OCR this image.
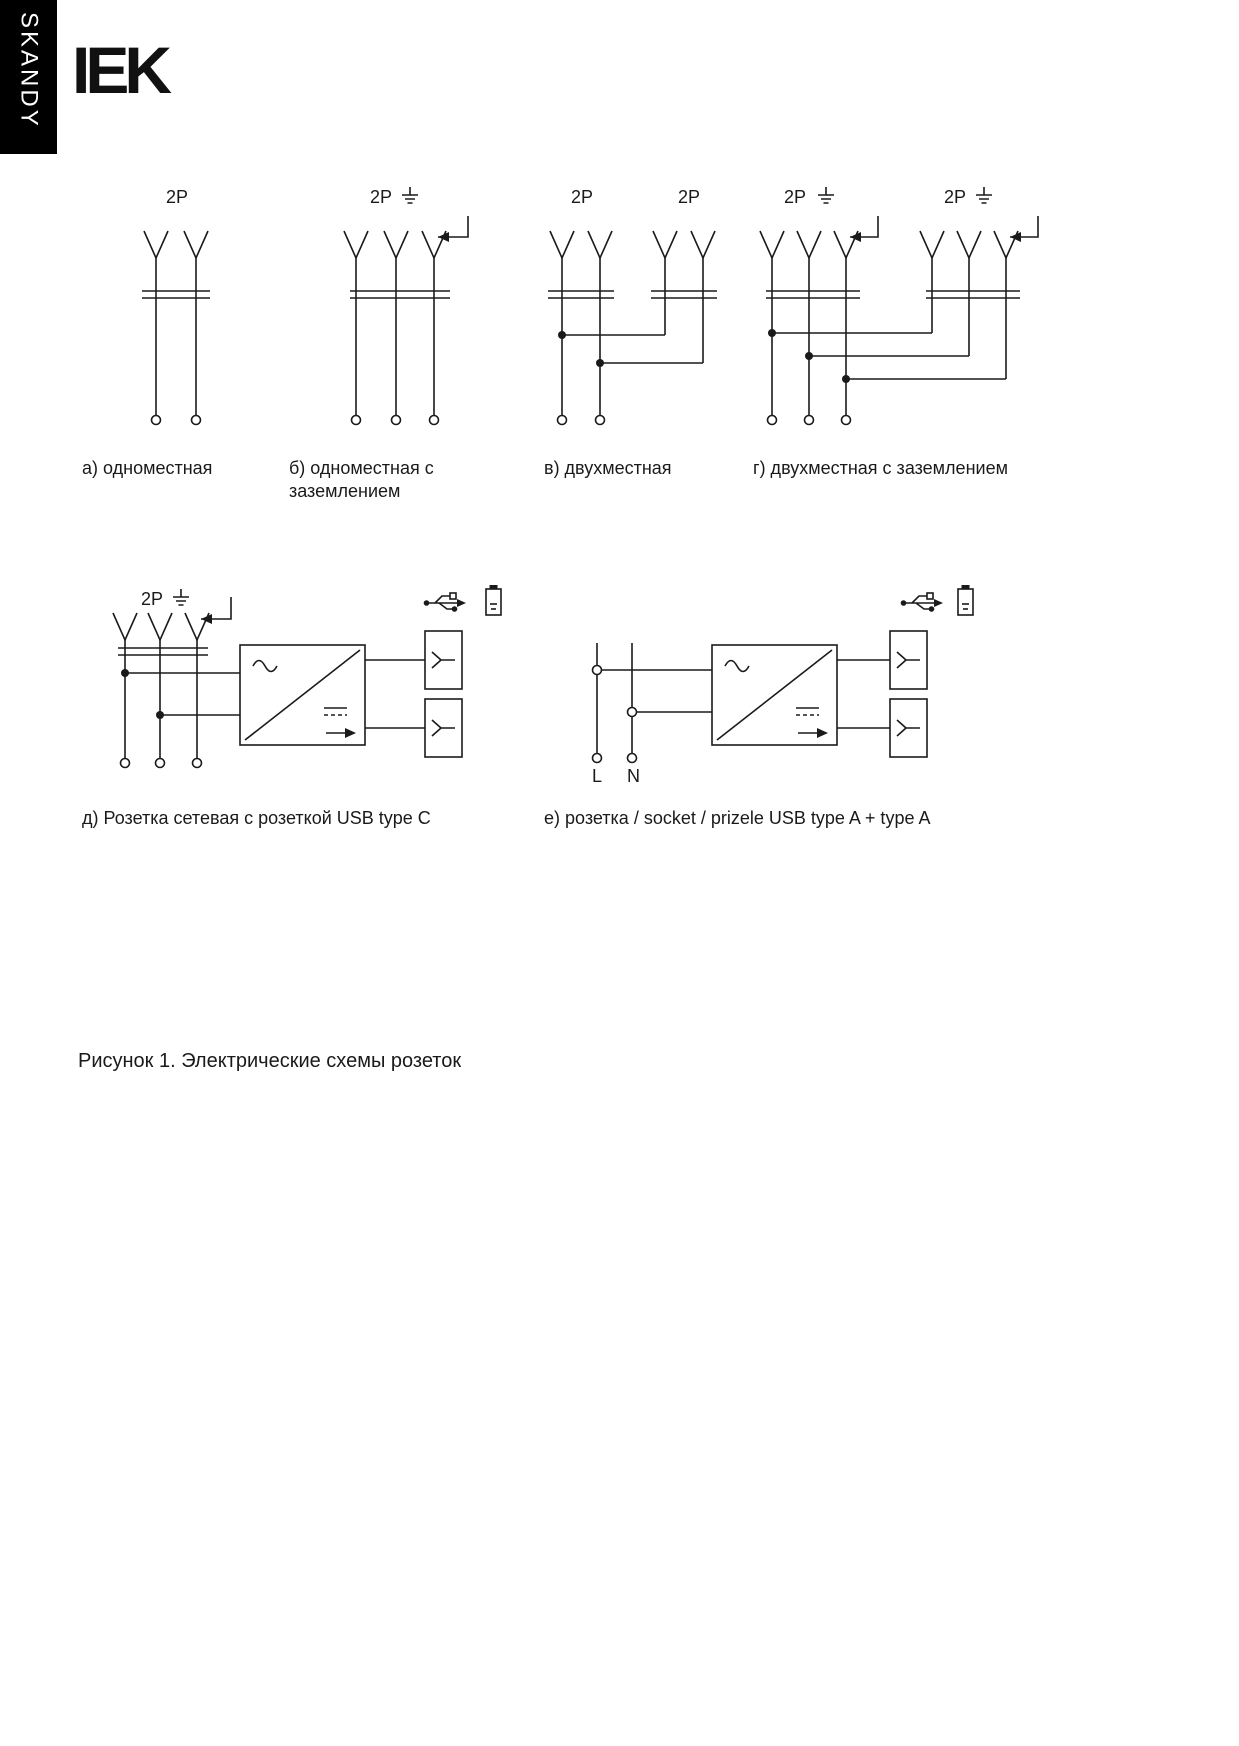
SKANDY IEK
2P	2P	2P	2P	2P	2P
2P
L N
а) одноместная	б) одноместная с заземлением
в) двухместная	г) двухместная с заземлением
д) Розетка сетевая с розеткой USB type C	е) розетка / socket / prizele USB type A + type A
Рисунок 1. Электрические схемы розеток
